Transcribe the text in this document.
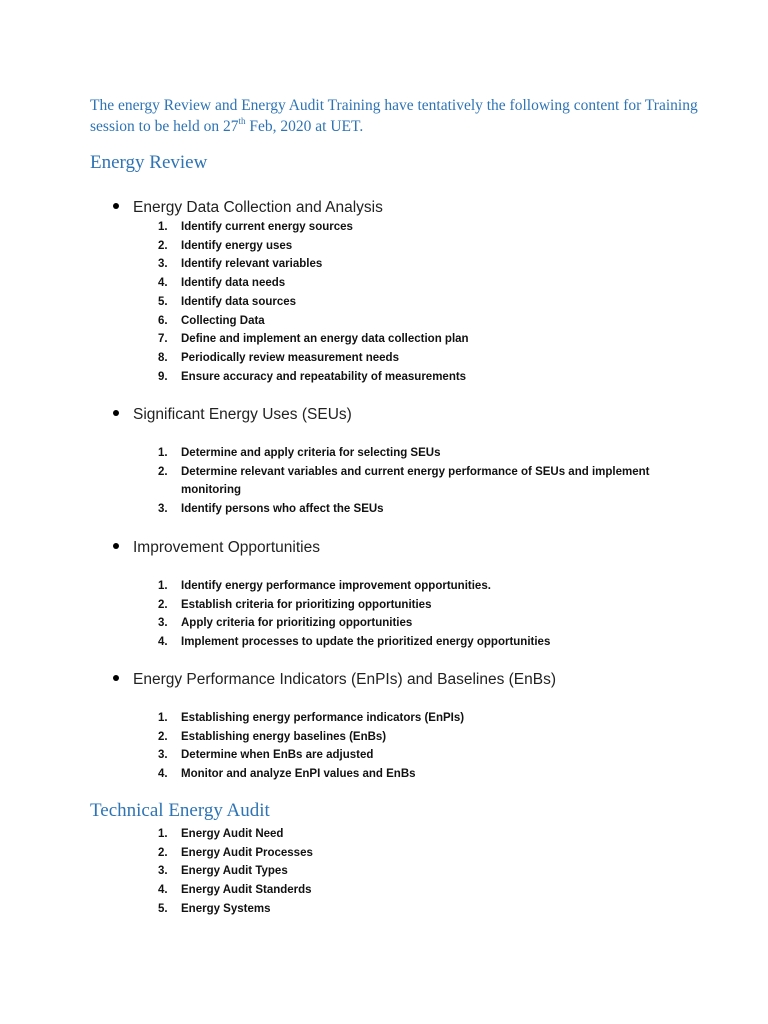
The energy Review and Energy Audit Training have tentatively the following content for Training session to be held on 27th Feb, 2020 at UET.
Energy Review
Energy Data Collection and Analysis
1. Identify current energy sources
2. Identify energy uses
3. Identify relevant variables
4. Identify data needs
5. Identify data sources
6. Collecting Data
7. Define and implement an energy data collection plan
8. Periodically review measurement needs
9. Ensure accuracy and repeatability of measurements
Significant Energy Uses (SEUs)
1. Determine and apply criteria for selecting SEUs
2. Determine relevant variables and current energy performance of SEUs and implement monitoring
3. Identify persons who affect the SEUs
Improvement Opportunities
1. Identify energy performance improvement opportunities.
2. Establish criteria for prioritizing opportunities
3. Apply criteria for prioritizing opportunities
4. Implement processes to update the prioritized energy opportunities
Energy Performance Indicators (EnPIs) and Baselines (EnBs)
1. Establishing energy performance indicators (EnPIs)
2. Establishing energy baselines (EnBs)
3. Determine when EnBs are adjusted
4. Monitor and analyze EnPI values and EnBs
Technical Energy Audit
1. Energy Audit Need
2. Energy Audit Processes
3. Energy Audit Types
4. Energy Audit Standerds
5. Energy Systems
